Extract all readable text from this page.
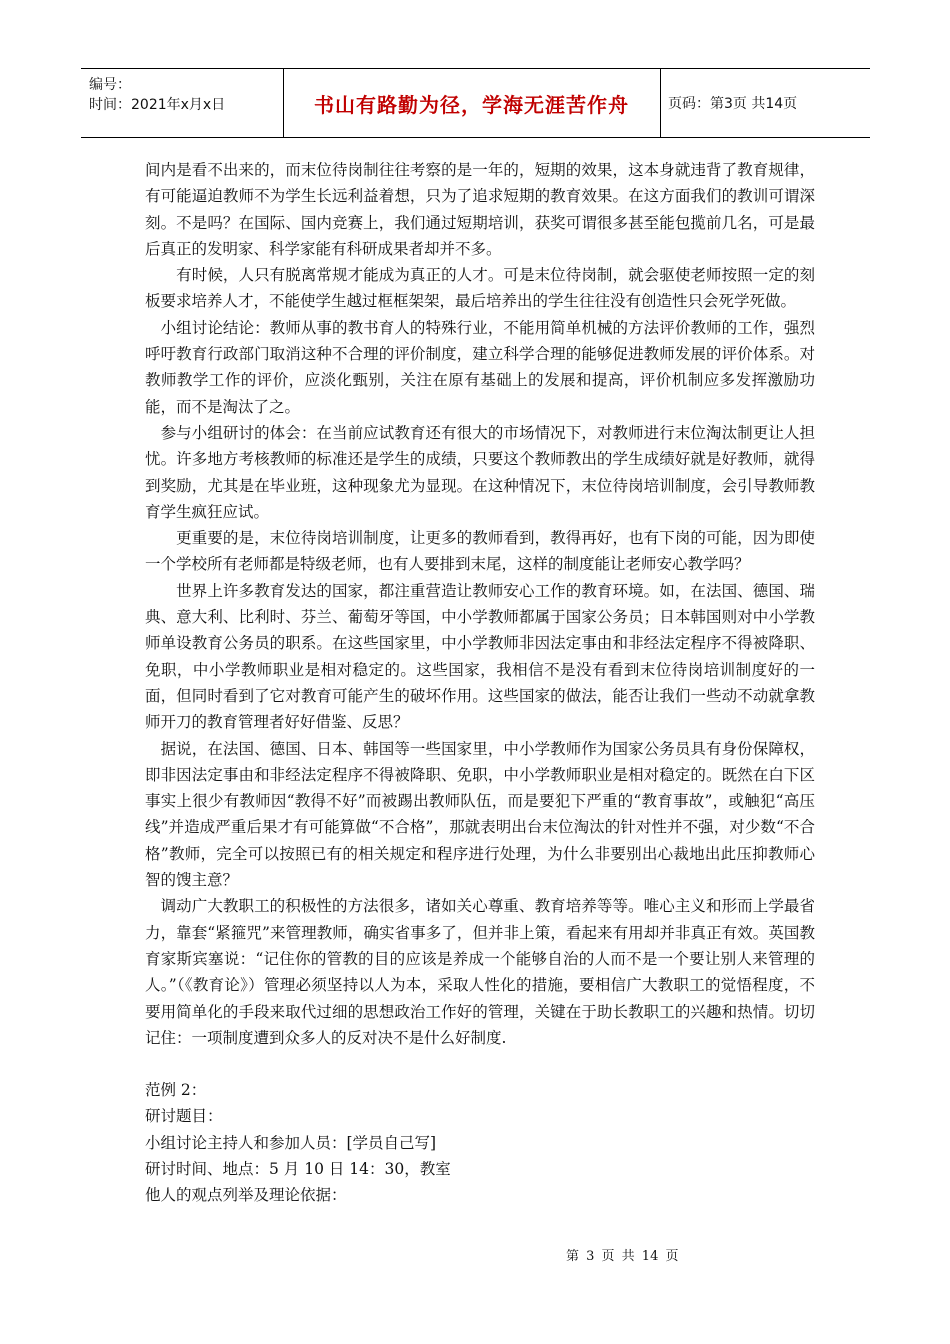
编号：
时间：2021年x月x日	书山有路勤为径，学海无涯苦作舟	页码：第3页 共14页

间内是看不出来的，而末位待岗制往往考察的是一年的，短期的效果，这本身就违背了教育规律，有可能逼迫教师不为学生长远利益着想，只为了追求短期的教育效果。在这方面我们的教训可谓深刻。不是吗？在国际、国内竞赛上，我们通过短期培训，获奖可谓很多甚至能包揽前几名，可是最后真正的发明家、科学家能有科研成果者却并不多。

　　有时候，人只有脱离常规才能成为真正的人才。可是末位待岗制，就会驱使老师按照一定的刻板要求培养人才，不能使学生越过框框架架，最后培养出的学生往往没有创造性只会死学死做。

　小组讨论结论：教师从事的教书育人的特殊行业，不能用简单机械的方法评价教师的工作，强烈呼吁教育行政部门取消这种不合理的评价制度，建立科学合理的能够促进教师发展的评价体系。对教师教学工作的评价，应淡化甄别，关注在原有基础上的发展和提高，评价机制应多发挥激励功能，而不是淘汰了之。

　参与小组研讨的体会：在当前应试教育还有很大的市场情况下，对教师进行末位淘汰制更让人担忧。许多地方考核教师的标准还是学生的成绩，只要这个教师教出的学生成绩好就是好教师，就得到奖励，尤其是在毕业班，这种现象尤为显现。在这种情况下，末位待岗培训制度，会引导教师教育学生疯狂应试。

　　更重要的是，末位待岗培训制度，让更多的教师看到，教得再好，也有下岗的可能，因为即使一个学校所有老师都是特级老师，也有人要排到末尾，这样的制度能让老师安心教学吗？

　　世界上许多教育发达的国家，都注重营造让教师安心工作的教育环境。如，在法国、德国、瑞典、意大利、比利时、芬兰、葡萄牙等国，中小学教师都属于国家公务员；日本韩国则对中小学教师单设教育公务员的职系。在这些国家里，中小学教师非因法定事由和非经法定程序不得被降职、免职，中小学教师职业是相对稳定的。这些国家，我相信不是没有看到末位待岗培训制度好的一面，但同时看到了它对教育可能产生的破坏作用。这些国家的做法，能否让我们一些动不动就拿教师开刀的教育管理者好好借鉴、反思？

　据说，在法国、德国、日本、韩国等一些国家里，中小学教师作为国家公务员具有身份保障权，即非因法定事由和非经法定程序不得被降职、免职，中小学教师职业是相对稳定的。既然在白下区事实上很少有教师因“教得不好”而被踢出教师队伍，而是要犯下严重的“教育事故”，或触犯“高压线”并造成严重后果才有可能算做“不合格”，那就表明出台末位淘汰的针对性并不强，对少数“不合格”教师，完全可以按照已有的相关规定和程序进行处理，为什么非要别出心裁地出此压抑教师心智的馊主意？

　调动广大教职工的积极性的方法很多，诸如关心尊重、教育培养等等。唯心主义和形而上学最省力，靠套“紧箍咒”来管理教师，确实省事多了，但并非上策，看起来有用却并非真正有效。英国教育家斯宾塞说：“记住你的管教的目的应该是养成一个能够自治的人而不是一个要让别人来管理的人。”（《教育论》）管理必须坚持以人为本，采取人性化的措施，要相信广大教职工的觉悟程度，不要用简单化的手段来取代过细的思想政治工作好的管理，关键在于助长教职工的兴趣和热情。切切记住：一项制度遭到众多人的反对决不是什么好制度.

范例 2：

研讨题目：

小组讨论主持人和参加人员：[学员自己写]

研讨时间、地点：5 月 10 日 14：30，教室

他人的观点列举及理论依据：

第 3 页 共 14 页
